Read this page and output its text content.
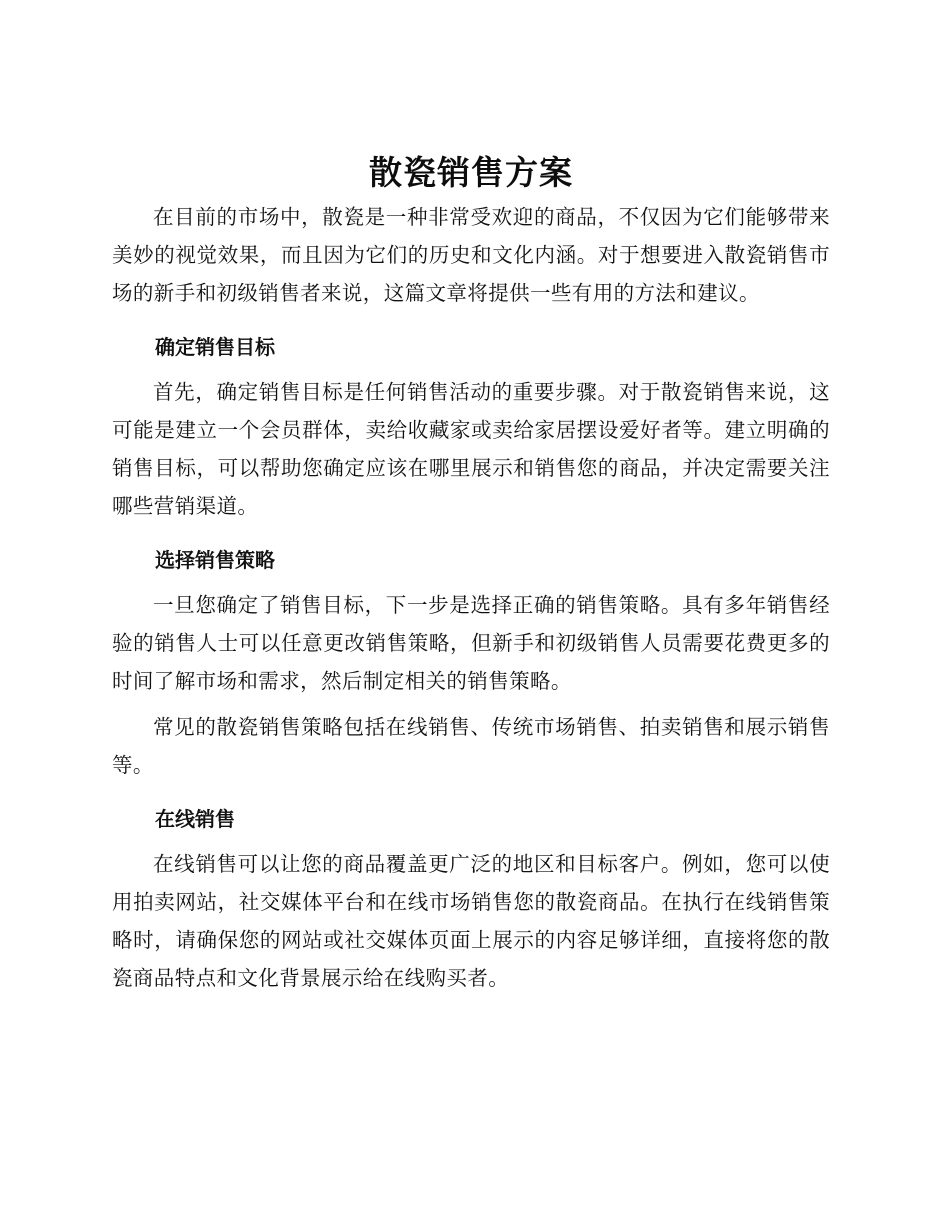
散瓷销售方案

在目前的市场中，散瓷是一种非常受欢迎的商品，不仅因为它们能够带来美妙的视觉效果，而且因为它们的历史和文化内涵。对于想要进入散瓷销售市场的新手和初级销售者来说，这篇文章将提供一些有用的方法和建议。

确定销售目标

首先，确定销售目标是任何销售活动的重要步骤。对于散瓷销售来说，这可能是建立一个会员群体，卖给收藏家或卖给家居摆设爱好者等。建立明确的销售目标，可以帮助您确定应该在哪里展示和销售您的商品，并决定需要关注哪些营销渠道。

选择销售策略

一旦您确定了销售目标，下一步是选择正确的销售策略。具有多年销售经验的销售人士可以任意更改销售策略，但新手和初级销售人员需要花费更多的时间了解市场和需求，然后制定相关的销售策略。

常见的散瓷销售策略包括在线销售、传统市场销售、拍卖销售和展示销售等。

在线销售

在线销售可以让您的商品覆盖更广泛的地区和目标客户。例如，您可以使用拍卖网站，社交媒体平台和在线市场销售您的散瓷商品。在执行在线销售策略时，请确保您的网站或社交媒体页面上展示的内容足够详细，直接将您的散瓷商品特点和文化背景展示给在线购买者。
